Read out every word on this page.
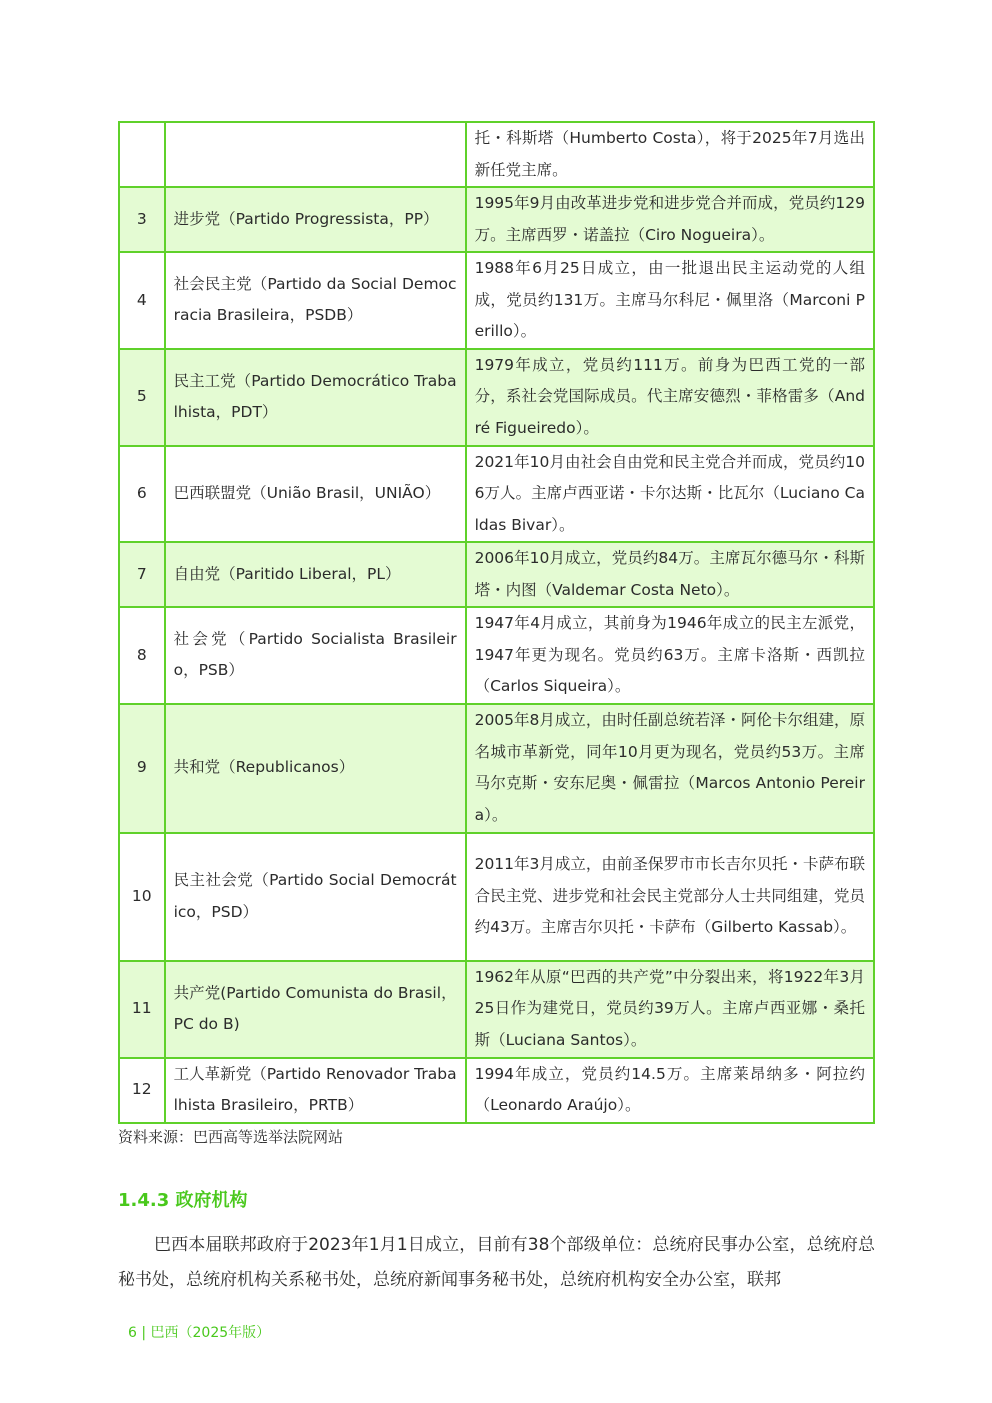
		托・科斯塔（Humberto Costa），将于2025年7月选出新任党主席。
3	进步党（Partido Progressista，PP）	1995年9月由改革进步党和进步党合并而成，党员约129万。主席西罗・诺盖拉（Ciro Nogueira）。
4	社会民主党（Partido da Social Democracia Brasileira，PSDB）	1988年6月25日成立，由一批退出民主运动党的人组成，党员约131万。主席马尔科尼・佩里洛（Marconi Perillo）。
5	民主工党（Partido Democrático Trabalhista，PDT）	1979年成立，党员约111万。前身为巴西工党的一部分，系社会党国际成员。代主席安德烈・菲格雷多（André Figueiredo）。
6	巴西联盟党（União Brasil，UNIÃO）	2021年10月由社会自由党和民主党合并而成，党员约106万人。主席卢西亚诺・卡尔达斯・比瓦尔（Luciano Caldas Bivar）。
7	自由党（Paritido Liberal，PL）	2006年10月成立，党员约84万。主席瓦尔德马尔・科斯塔・内图（Valdemar Costa Neto）。
8	社会党（Partido Socialista Brasileiro，PSB）	1947年4月成立，其前身为1946年成立的民主左派党，1947年更为现名。党员约63万。主席卡洛斯・西凯拉（Carlos Siqueira）。
9	共和党（Republicanos）	2005年8月成立，由时任副总统若泽・阿伦卡尔组建，原名城市革新党，同年10月更为现名，党员约53万。主席马尔克斯・安东尼奥・佩雷拉（Marcos Antonio Pereira）。
10	民主社会党（Partido Social Democrático，PSD）	2011年3月成立，由前圣保罗市市长吉尔贝托・卡萨布联合民主党、进步党和社会民主党部分人士共同组建，党员约43万。主席吉尔贝托・卡萨布（Gilberto Kassab）。
11	共产党(Partido Comunista do Brasil，PC do B)	1962年从原“巴西的共产党”中分裂出来，将1922年3月25日作为建党日，党员约39万人。主席卢西亚娜・桑托斯（Luciana Santos）。
12	工人革新党（Partido Renovador Trabalhista Brasileiro，PRTB）	1994年成立，党员约14.5万。主席莱昂纳多・阿拉约（Leonardo Araújo）。
资料来源：巴西高等选举法院网站
1.4.3 政府机构
巴西本届联邦政府于2023年1月1日成立，目前有38个部级单位：总统府民事办公室，总统府总秘书处，总统府机构关系秘书处，总统府新闻事务秘书处，总统府机构安全办公室，联邦
6 | 巴西（2025年版）
